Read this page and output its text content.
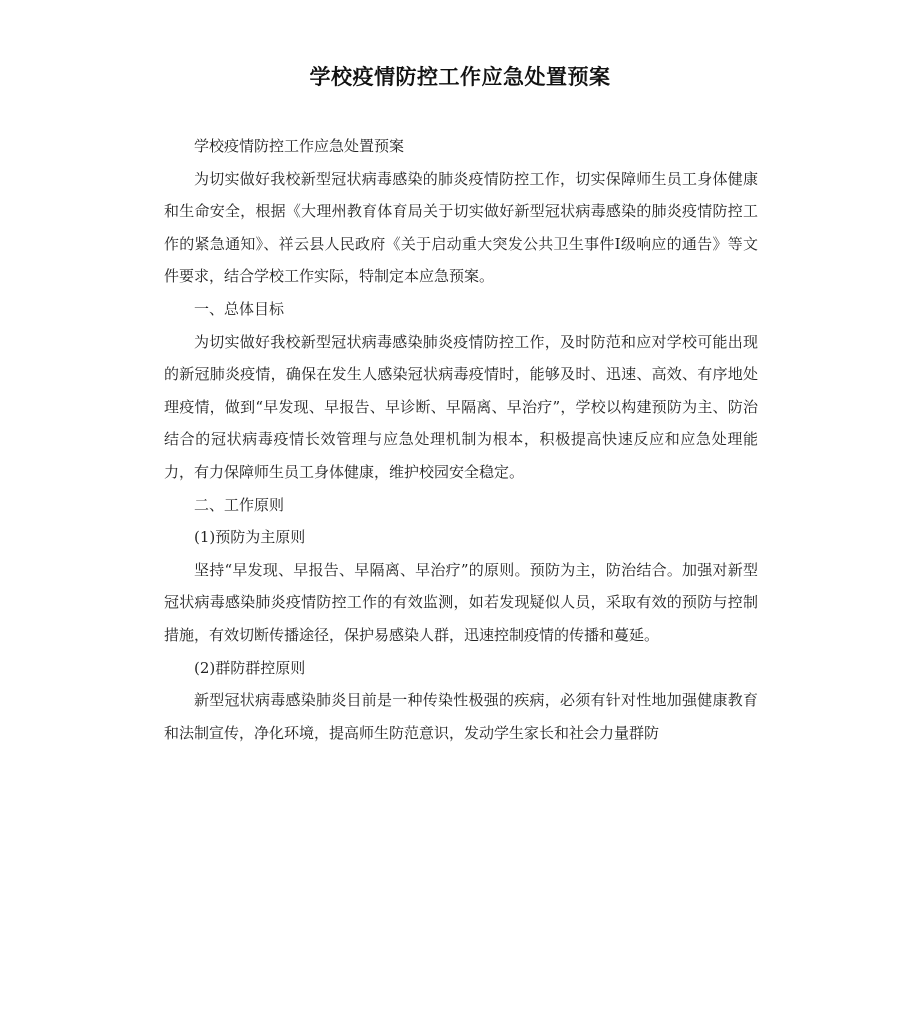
学校疫情防控工作应急处置预案

学校疫情防控工作应急处置预案

为切实做好我校新型冠状病毒感染的肺炎疫情防控工作，切实保障师生员工身体健康和生命安全，根据《大理州教育体育局关于切实做好新型冠状病毒感染的肺炎疫情防控工作的紧急通知》、祥云县人民政府《关于启动重大突发公共卫生事件Ⅰ级响应的通告》等文件要求，结合学校工作实际，特制定本应急预案。

一、总体目标

为切实做好我校新型冠状病毒感染肺炎疫情防控工作，及时防范和应对学校可能出现的新冠肺炎疫情，确保在发生人感染冠状病毒疫情时，能够及时、迅速、高效、有序地处理疫情，做到“早发现、早报告、早诊断、早隔离、早治疗”，学校以构建预防为主、防治结合的冠状病毒疫情长效管理与应急处理机制为根本，积极提高快速反应和应急处理能力，有力保障师生员工身体健康，维护校园安全稳定。

二、工作原则

(1)预防为主原则

坚持“早发现、早报告、早隔离、早治疗”的原则。预防为主，防治结合。加强对新型冠状病毒感染肺炎疫情防控工作的有效监测，如若发现疑似人员，采取有效的预防与控制措施，有效切断传播途径，保护易感染人群，迅速控制疫情的传播和蔓延。

(2)群防群控原则

新型冠状病毒感染肺炎目前是一种传染性极强的疾病，必须有针对性地加强健康教育和法制宣传，净化环境，提高师生防范意识，发动学生家长和社会力量群防
